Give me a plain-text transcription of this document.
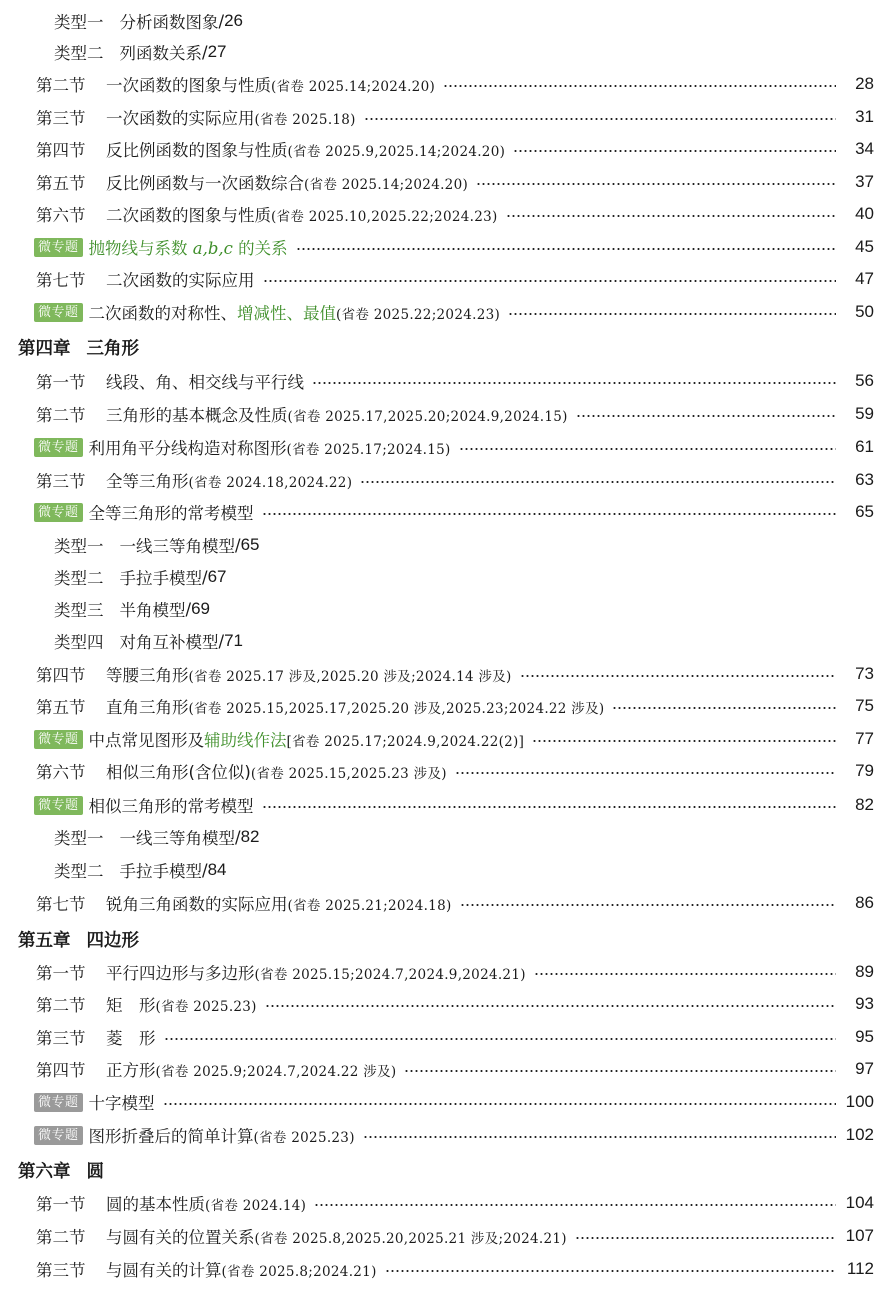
类型一 分析函数图象 / 26
类型二 列函数关系 / 27
第二节	一次函数的图象与性质(省卷 2025.14;2024.20)	28
第三节	一次函数的实际应用(省卷 2025.18)	31
第四节	反比例函数的图象与性质(省卷 2025.9,2025.14;2024.20)	34
第五节	反比例函数与一次函数综合(省卷 2025.14;2024.20)	37
第六节	二次函数的图象与性质(省卷 2025.10,2025.22;2024.23)	40
微专题 抛物线与系数 a,b,c 的关系	45
第七节	二次函数的实际应用	47
微专题 二次函数的对称性、增减性、最值(省卷 2025.22;2024.23)	50
第四章 三角形
第一节	线段、角、相交线与平行线	56
第二节	三角形的基本概念及性质(省卷 2025.17,2025.20;2024.9,2024.15)	59
微专题 利用角平分线构造对称图形(省卷 2025.17;2024.15)	61
第三节	全等三角形(省卷 2024.18,2024.22)	63
微专题 全等三角形的常考模型	65
类型一 一线三等角模型 / 65
类型二 手拉手模型 / 67
类型三 半角模型 / 69
类型四 对角互补模型 / 71
第四节	等腰三角形(省卷 2025.17 涉及,2025.20 涉及;2024.14 涉及)	73
第五节	直角三角形(省卷 2025.15,2025.17,2025.20 涉及,2025.23;2024.22 涉及)	75
微专题 中点常见图形及辅助线作法[省卷 2025.17;2024.9,2024.22(2)]	77
第六节	相似三角形(含位似)(省卷 2025.15,2025.23 涉及)	79
微专题 相似三角形的常考模型	82
类型一 一线三等角模型 / 82
类型二 手拉手模型 / 84
第七节	锐角三角函数的实际应用(省卷 2025.21;2024.18)	86
第五章 四边形
第一节	平行四边形与多边形(省卷 2025.15;2024.7,2024.9,2024.21)	89
第二节	矩　形(省卷 2025.23)	93
第三节	菱　形	95
第四节	正方形(省卷 2025.9;2024.7,2024.22 涉及)	97
微专题 十字模型	100
微专题 图形折叠后的简单计算(省卷 2025.23)	102
第六章 圆
第一节	圆的基本性质(省卷 2024.14)	104
第二节	与圆有关的位置关系(省卷 2025.8,2025.20,2025.21 涉及;2024.21)	107
第三节	与圆有关的计算(省卷 2025.8;2024.21)	112
